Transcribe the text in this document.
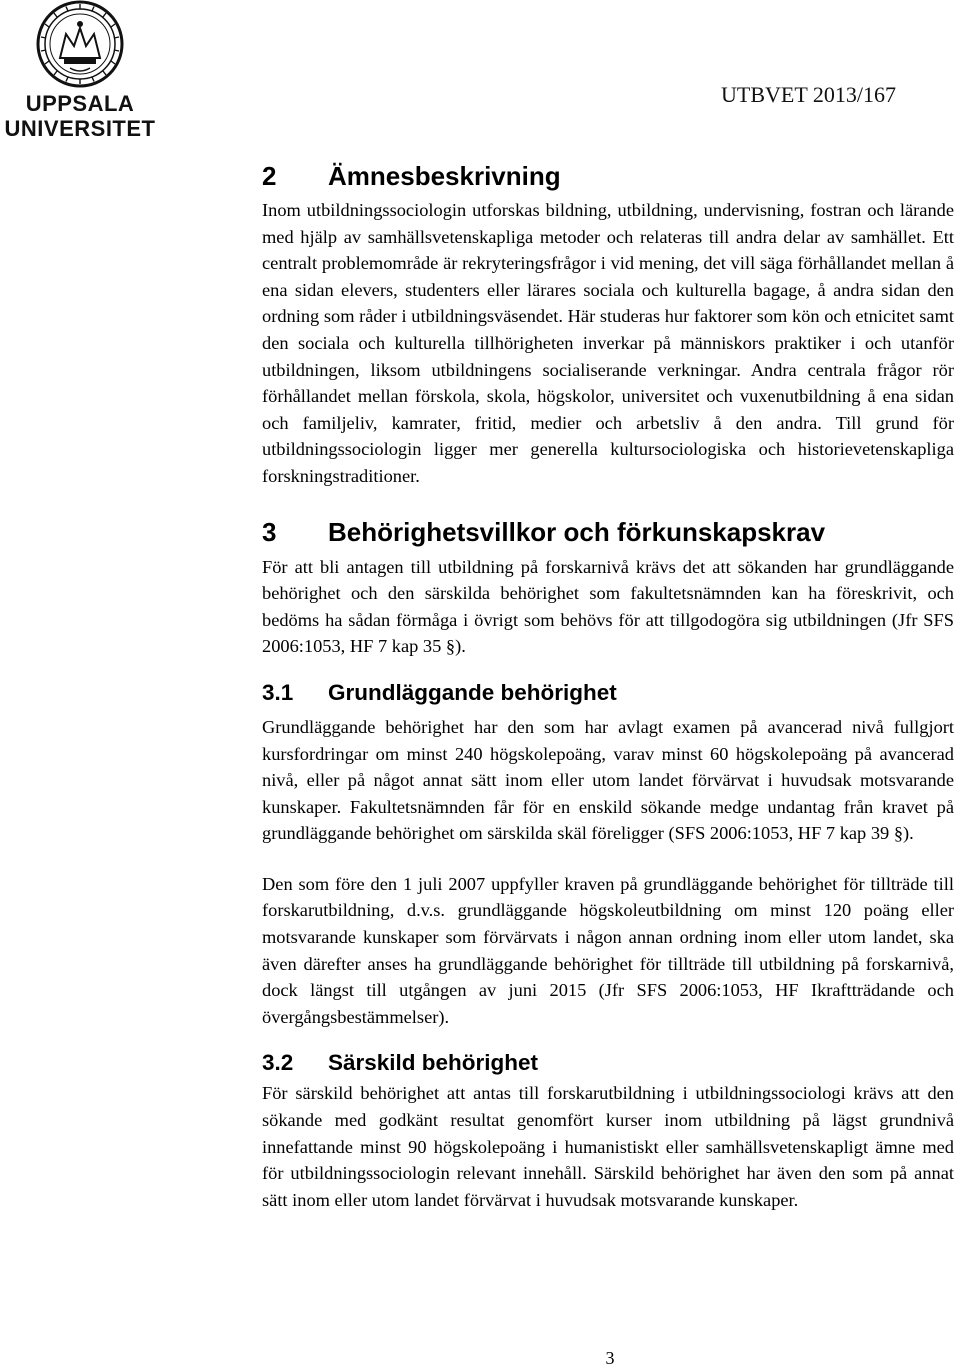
UPPSALA
UNIVERSITET
UTBVET 2013/167
2	Ämnesbeskrivning

Inom utbildningssociologin utforskas bildning, utbildning, undervisning, fostran och lärande med hjälp av samhällsvetenskapliga metoder och relateras till andra delar av samhället. Ett centralt problemområde är rekryteringsfrågor i vid mening, det vill säga förhållandet mellan å ena sidan elevers, studenters eller lärares sociala och kulturella bagage, å andra sidan den ordning som råder i utbildningsväsendet. Här studeras hur faktorer som kön och etnicitet samt den sociala och kulturella tillhörigheten inverkar på människors praktiker i och utanför utbildningen, liksom utbildningens socialiserande verkningar. Andra centrala frågor rör förhållandet mellan förskola, skola, högskolor, universitet och vuxenutbildning å ena sidan och familjeliv, kamrater, fritid, medier och arbetsliv å den andra. Till grund för utbildningssociologin ligger mer generella kultursociologiska och historievetenskapliga forskningstraditioner.

3	Behörighetsvillkor och förkunskapskrav

För att bli antagen till utbildning på forskarnivå krävs det att sökanden har grundläggande behörighet och den särskilda behörighet som fakultetsnämnden kan ha föreskrivit, och bedöms ha sådan förmåga i övrigt som behövs för att tillgodogöra sig utbildningen (Jfr SFS 2006:1053, HF 7 kap 35 §).

3.1	Grundläggande behörighet

Grundläggande behörighet har den som har avlagt examen på avancerad nivå fullgjort kursfordringar om minst 240 högskolepoäng, varav minst 60 högskolepoäng på avancerad nivå, eller på något annat sätt inom eller utom landet förvärvat i huvudsak motsvarande kunskaper. Fakultetsnämnden får för en enskild sökande medge undantag från kravet på grundläggande behörighet om särskilda skäl föreligger (SFS 2006:1053, HF 7 kap 39 §).

Den som före den 1 juli 2007 uppfyller kraven på grundläggande behörighet för tillträde till forskarutbildning, d.v.s. grundläggande högskoleutbildning om minst 120 poäng eller motsvarande kunskaper som förvärvats i någon annan ordning inom eller utom landet, ska även därefter anses ha grundläggande behörighet för tillträde till utbildning på forskarnivå, dock längst till utgången av juni 2015 (Jfr SFS 2006:1053, HF Ikraftträdande och övergångsbestämmelser).

3.2	Särskild behörighet

För särskild behörighet att antas till forskarutbildning i utbildningssociologi krävs att den sökande med godkänt resultat genomfört kurser inom utbildning på lägst grundnivå innefattande minst 90 högskolepoäng i humanistiskt eller samhällsvetenskapligt ämne med för utbildningssociologin relevant innehåll. Särskild behörighet har även den som på annat sätt inom eller utom landet förvärvat i huvudsak motsvarande kunskaper.

3
